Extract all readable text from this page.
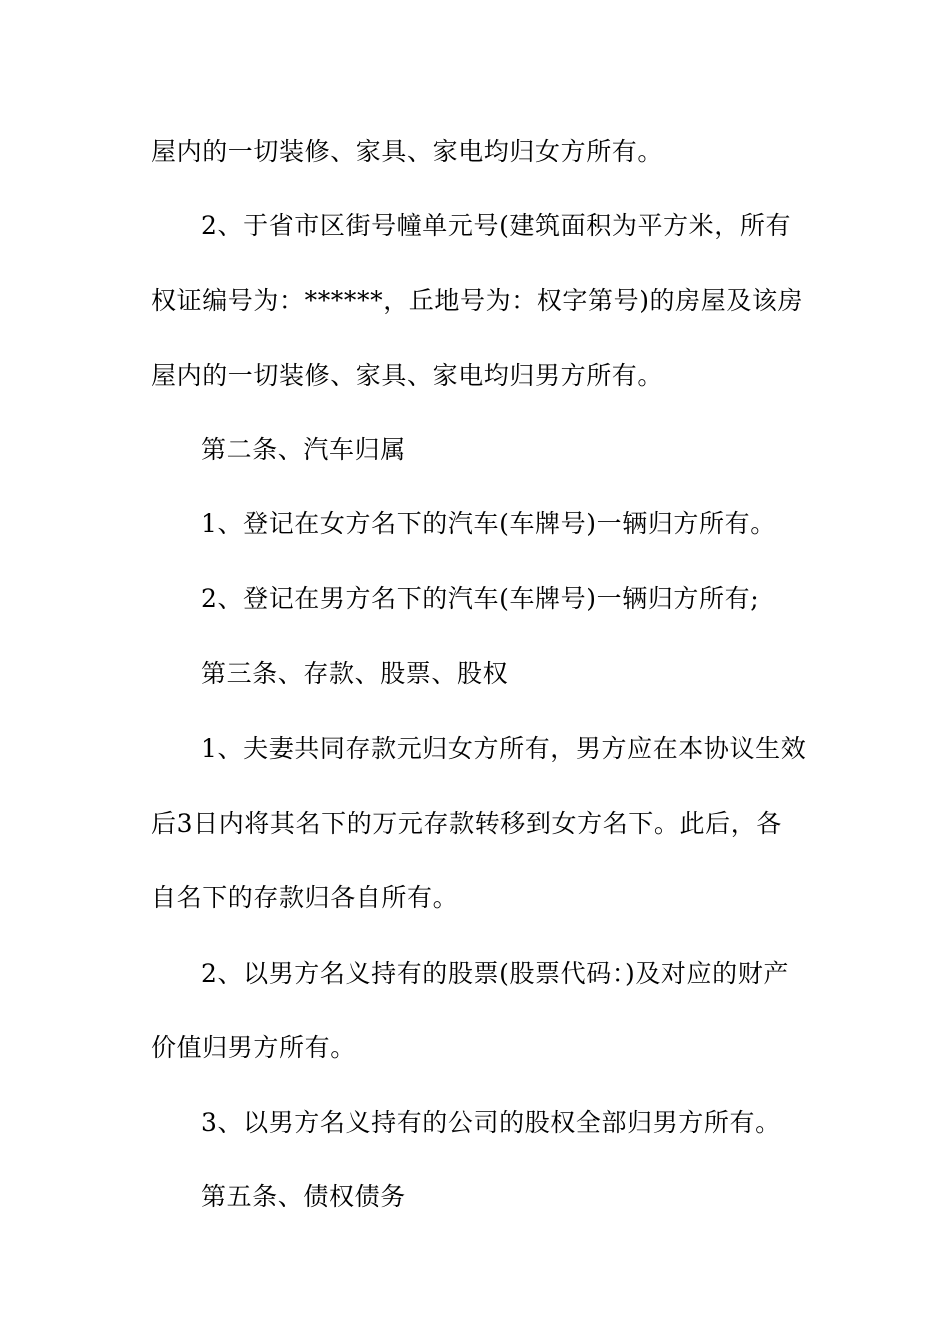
屋内的一切装修、家具、家电均归女方所有。
2、于省市区街号幢单元号(建筑面积为平方米，所有
权证编号为：******，丘地号为：权字第号)的房屋及该房
屋内的一切装修、家具、家电均归男方所有。
第二条、汽车归属
1、登记在女方名下的汽车(车牌号)一辆归方所有。
2、登记在男方名下的汽车(车牌号)一辆归方所有;
第三条、存款、股票、股权
1、夫妻共同存款元归女方所有，男方应在本协议生效
后3日内将其名下的万元存款转移到女方名下。此后，各
自名下的存款归各自所有。
2、以男方名义持有的股票(股票代码：)及对应的财产
价值归男方所有。
3、以男方名义持有的公司的股权全部归男方所有。
第五条、债权债务
